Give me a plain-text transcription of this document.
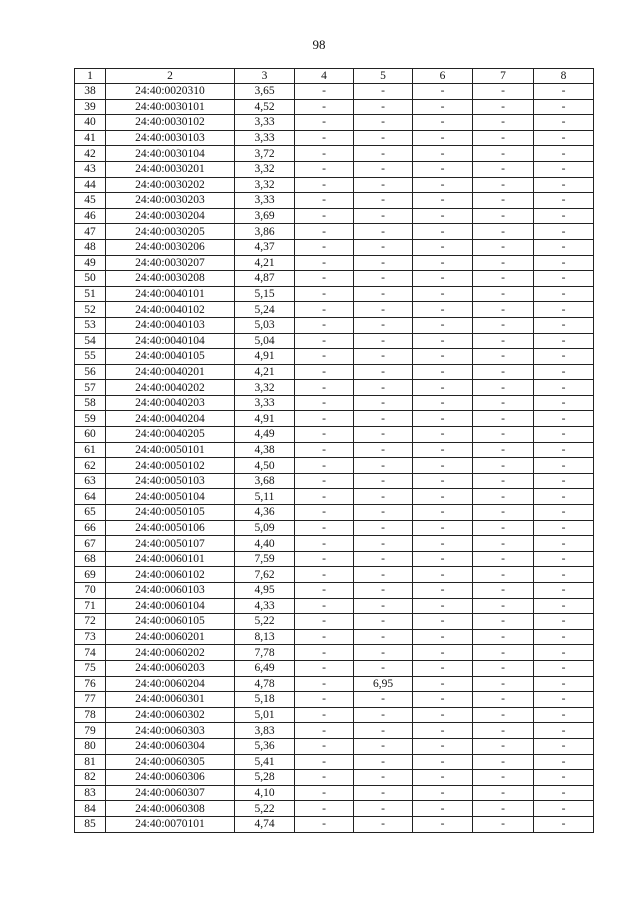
98
1	2	3	4	5	6	7	8
38	24:40:0020310	3,65	-	-	-	-	-
39	24:40:0030101	4,52	-	-	-	-	-
40	24:40:0030102	3,33	-	-	-	-	-
41	24:40:0030103	3,33	-	-	-	-	-
42	24:40:0030104	3,72	-	-	-	-	-
43	24:40:0030201	3,32	-	-	-	-	-
44	24:40:0030202	3,32	-	-	-	-	-
45	24:40:0030203	3,33	-	-	-	-	-
46	24:40:0030204	3,69	-	-	-	-	-
47	24:40:0030205	3,86	-	-	-	-	-
48	24:40:0030206	4,37	-	-	-	-	-
49	24:40:0030207	4,21	-	-	-	-	-
50	24:40:0030208	4,87	-	-	-	-	-
51	24:40:0040101	5,15	-	-	-	-	-
52	24:40:0040102	5,24	-	-	-	-	-
53	24:40:0040103	5,03	-	-	-	-	-
54	24:40:0040104	5,04	-	-	-	-	-
55	24:40:0040105	4,91	-	-	-	-	-
56	24:40:0040201	4,21	-	-	-	-	-
57	24:40:0040202	3,32	-	-	-	-	-
58	24:40:0040203	3,33	-	-	-	-	-
59	24:40:0040204	4,91	-	-	-	-	-
60	24:40:0040205	4,49	-	-	-	-	-
61	24:40:0050101	4,38	-	-	-	-	-
62	24:40:0050102	4,50	-	-	-	-	-
63	24:40:0050103	3,68	-	-	-	-	-
64	24:40:0050104	5,11	-	-	-	-	-
65	24:40:0050105	4,36	-	-	-	-	-
66	24:40:0050106	5,09	-	-	-	-	-
67	24:40:0050107	4,40	-	-	-	-	-
68	24:40:0060101	7,59	-	-	-	-	-
69	24:40:0060102	7,62	-	-	-	-	-
70	24:40:0060103	4,95	-	-	-	-	-
71	24:40:0060104	4,33	-	-	-	-	-
72	24:40:0060105	5,22	-	-	-	-	-
73	24:40:0060201	8,13	-	-	-	-	-
74	24:40:0060202	7,78	-	-	-	-	-
75	24:40:0060203	6,49	-	-	-	-	-
76	24:40:0060204	4,78	-	6,95	-	-	-
77	24:40:0060301	5,18	-	-	-	-	-
78	24:40:0060302	5,01	-	-	-	-	-
79	24:40:0060303	3,83	-	-	-	-	-
80	24:40:0060304	5,36	-	-	-	-	-
81	24:40:0060305	5,41	-	-	-	-	-
82	24:40:0060306	5,28	-	-	-	-	-
83	24:40:0060307	4,10	-	-	-	-	-
84	24:40:0060308	5,22	-	-	-	-	-
85	24:40:0070101	4,74	-	-	-	-	-
